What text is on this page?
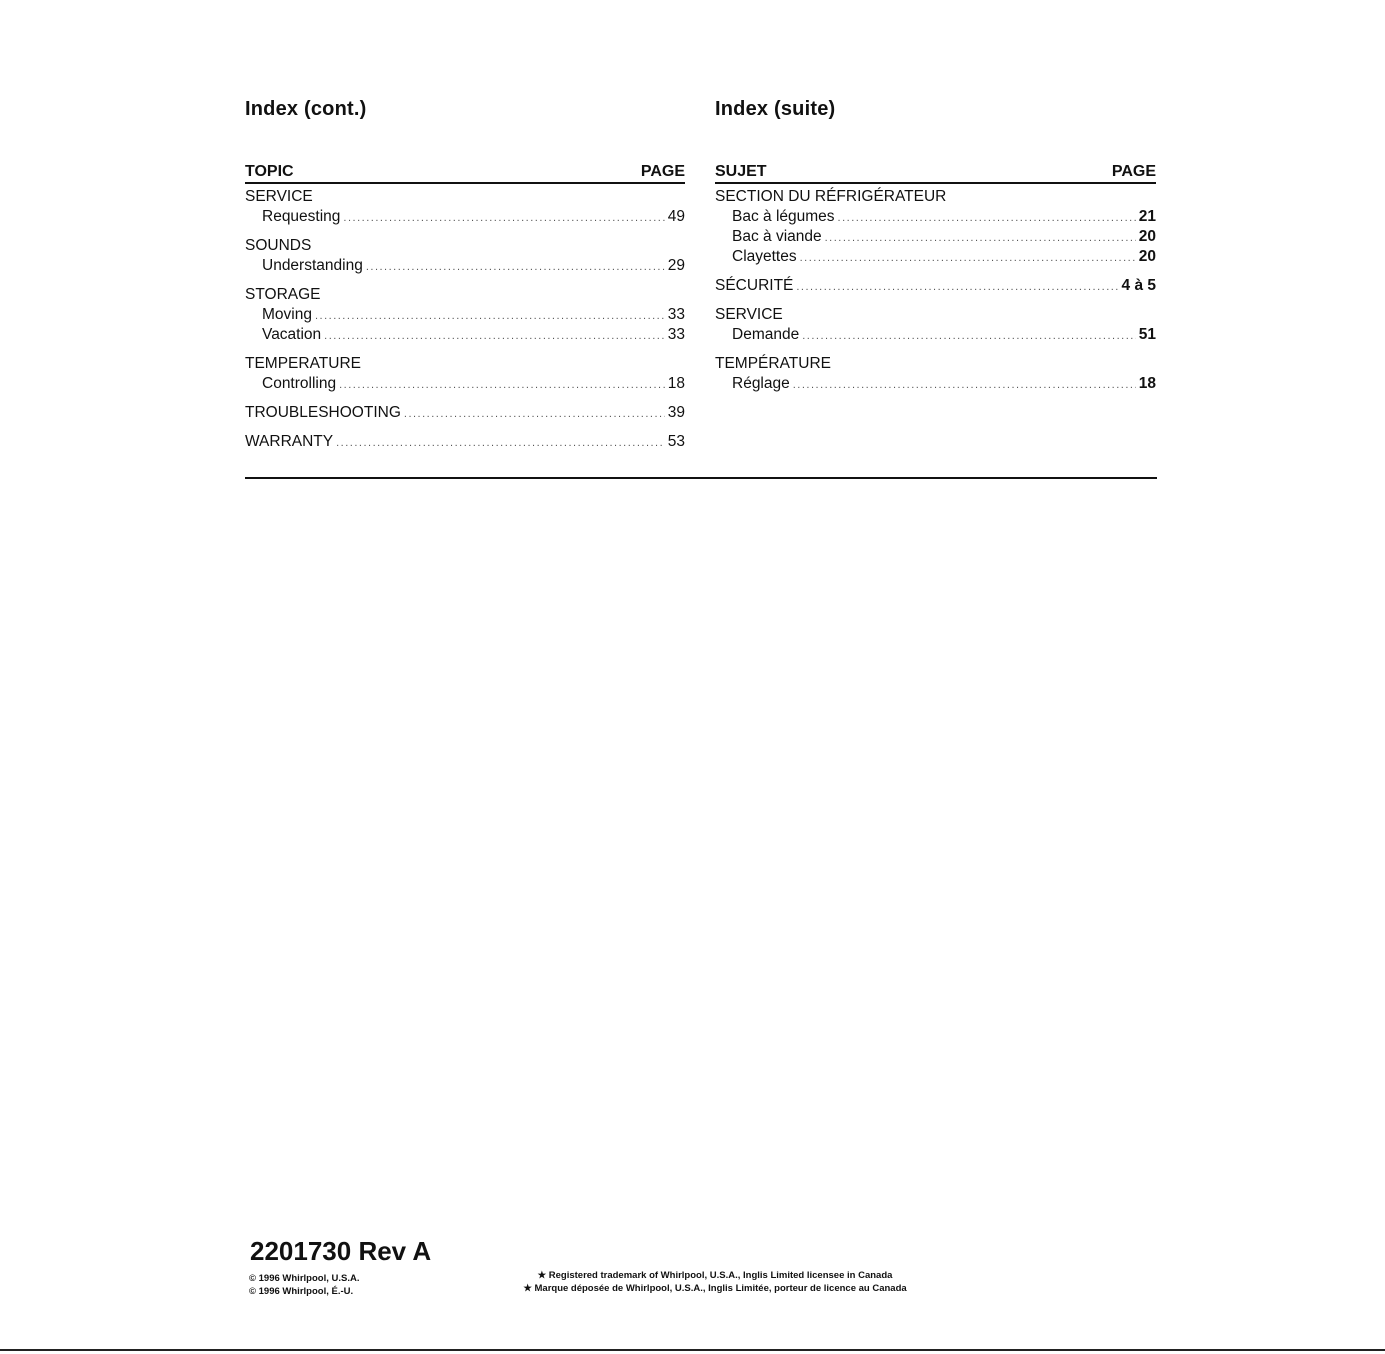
Index (cont.)
TOPIC	PAGE
SERVICE
Requesting .....	49
SOUNDS
Understanding .....	29
STORAGE
Moving .....	33
Vacation .....	33
TEMPERATURE
Controlling .....	18
TROUBLESHOOTING .....	39
WARRANTY .....	53
Index (suite)
SUJET	PAGE
SECTION DU RÉFRIGÉRATEUR
Bac à légumes .....	21
Bac à viande .....	20
Clayettes .....	20
SÉCURITÉ .....	4 à 5
SERVICE
Demande .....	51
TEMPÉRATURE
Réglage .....	18
2201730 Rev A
© 1996 Whirlpool, U.S.A.
© 1996 Whirlpool, É.-U.
★ Registered trademark of Whirlpool, U.S.A., Inglis Limited licensee in Canada
★ Marque déposée de Whirlpool, U.S.A., Inglis Limitée, porteur de licence au Canada
